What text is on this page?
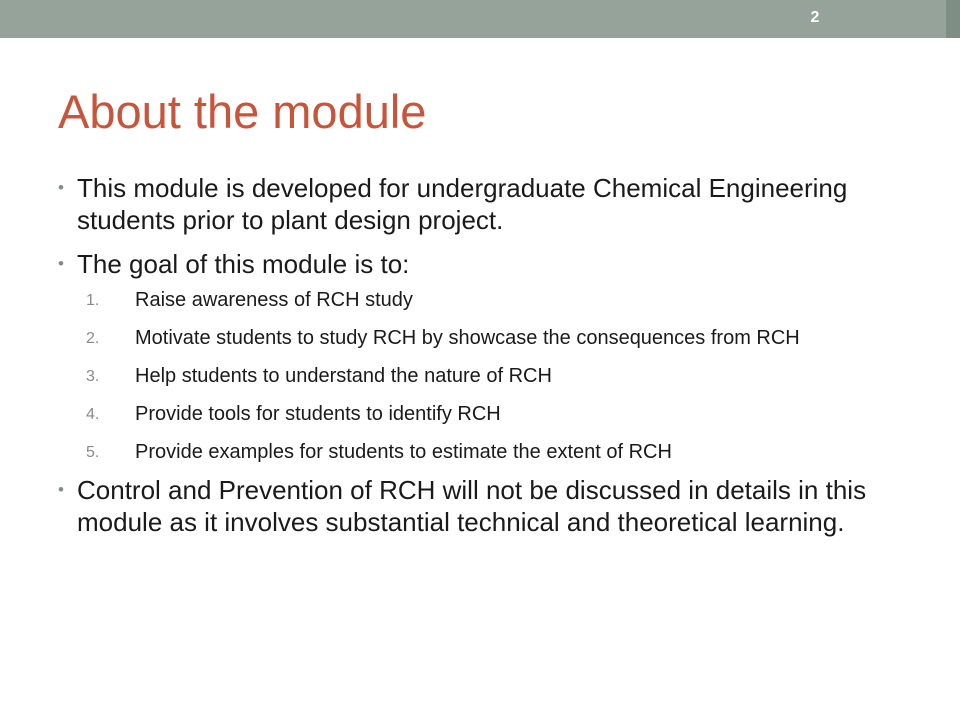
2
About the module
• This module is developed for undergraduate Chemical Engineering students prior to plant design project.
• The goal of this module is to:
1. Raise awareness of RCH study
2. Motivate students to study RCH by showcase the consequences from RCH
3. Help students to understand the nature of RCH
4. Provide tools for students to identify RCH
5. Provide examples for students to estimate the extent of RCH
• Control and Prevention of RCH will not be discussed in details in this module as it involves substantial technical and theoretical learning.
